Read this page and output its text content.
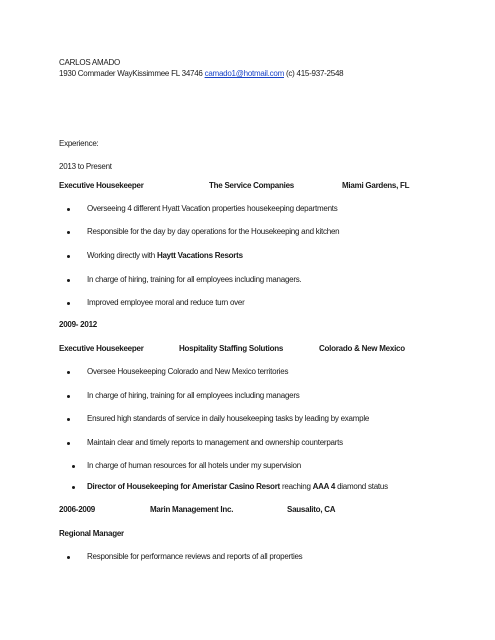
CARLOS AMADO
1930 Commader WayKissimmee FL 34746 camado1@hotmail.com (c) 415-937-2548
Experience:
2013 to Present
Executive Housekeeper	The Service Companies	Miami Gardens, FL
Overseeing 4 different Hyatt Vacation properties housekeeping departments
Responsible for the day by day operations for the Housekeeping and kitchen
Working directly with Haytt Vacations Resorts
In charge of hiring, training for all employees including managers.
Improved employee moral and reduce turn over
2009- 2012
Executive Housekeeper	Hospitality Staffing Solutions	Colorado & New Mexico
Oversee Housekeeping Colorado and New Mexico territories
In charge of hiring, training for all employees including managers
Ensured high standards of service in daily housekeeping tasks by leading by example
Maintain clear and timely reports to management and ownership counterparts
In charge of human resources for all hotels under my supervision
Director of Housekeeping for Ameristar Casino Resort reaching AAA 4 diamond status
2006-2009	Marin Management Inc.	Sausalito, CA
Regional Manager
Responsible for performance reviews and reports of all properties
